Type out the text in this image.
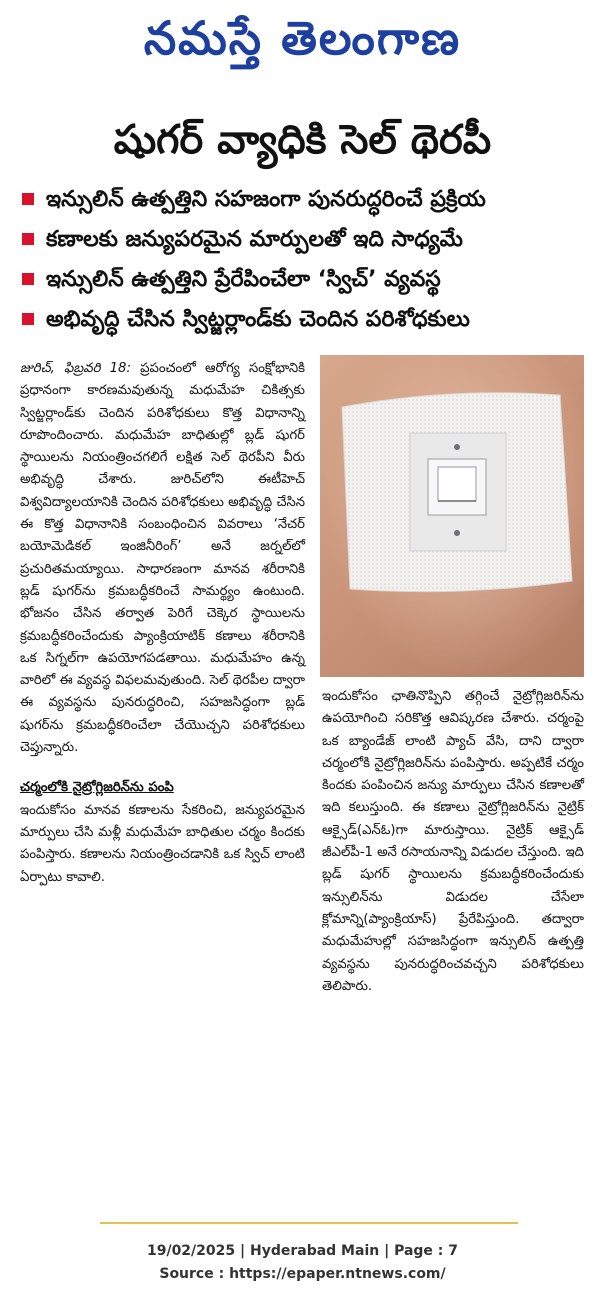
నమస్తే తెలంగాణ
షుగర్ వ్యాధికి సెల్ థెరపీ
ఇన్సులిన్ ఉత్పత్తిని సహజంగా పునరుద్ధరించే ప్రక్రియ
కణాలకు జన్యుపరమైన మార్పులతో ఇది సాధ్యమే
ఇన్సులిన్ ఉత్పత్తిని ప్రేరేపించేలా ‘స్విచ్’ వ్యవస్థ
అభివృద్ధి చేసిన స్విట్జర్లాండ్‌కు చెందిన పరిశోధకులు

జురిచ్, ఫిబ్రవరి 18: ప్రపంచంలో ఆరోగ్య సంక్షోభానికి ప్రధానంగా కారణమవుతున్న మధుమేహ చికిత్సకు స్విట్జర్లాండ్‌కు చెందిన పరిశోధకులు కొత్త విధానాన్ని రూపొందించారు. మధుమేహ బాధితుల్లో బ్లడ్ షుగర్ స్థాయిలను నియంత్రించగలిగే లక్షిత సెల్ థెరపీని వీరు అభివృద్ధి చేశారు. జురిచ్‌లోని ఈటీహెచ్ విశ్వవిద్యాలయానికి చెందిన పరిశోధకులు అభివృద్ధి చేసిన ఈ కొత్త విధానానికి సంబంధించిన వివరాలు ‘నేచర్ బయోమెడికల్ ఇంజినీరింగ్’ అనే జర్నల్‌లో ప్రచురితమయ్యాయి. సాధారణంగా మానవ శరీరానికి బ్లడ్ షుగర్‌ను క్రమబద్ధీకరించే సామర్థ్యం ఉంటుంది. భోజనం చేసిన తర్వాత పెరిగే చెక్కెర స్థాయిలను క్రమబద్ధీకరించేందుకు ప్యాంక్రియాటిక్ కణాలు శరీరానికి ఒక సిగ్నల్‌గా ఉపయోగపడతాయి. మధుమేహం ఉన్న వారిలో ఈ వ్యవస్థ విఫలమవుతుంది. సెల్ థెరపీల ద్వారా ఈ వ్యవస్థను పునరుద్ధరించి, సహజసిద్ధంగా బ్లడ్ షుగర్‌ను క్రమబద్ధీకరించేలా చేయొచ్చని పరిశోధకులు చెప్తున్నారు.

చర్మంలోకి నైట్రోగ్లిజరిన్‌ను పంపి

ఇందుకోసం మానవ కణాలను సేకరించి, జన్యుపరమైన మార్పులు చేసి మళ్లీ మధుమేహ బాధితుల చర్మం కిందకు పంపిస్తారు. కణాలను నియంత్రించడానికి ఒక స్విచ్ లాంటి ఏర్పాటు కావాలి.

ఇందుకోసం ఛాతినొప్పిని తగ్గించే నైట్రోగ్లిజరిన్‌ను ఉపయోగించి సరికొత్త ఆవిష్కరణ చేశారు. చర్మంపై ఒక బ్యాండేజ్ లాంటి ప్యాచ్ వేసి, దాని ద్వారా చర్మంలోకి నైట్రోగ్లిజరిన్‌ను పంపిస్తారు. అప్పటికే చర్మం కిందకు పంపించిన జన్యు మార్పులు చేసిన కణాలతో ఇది కలుస్తుంది. ఈ కణాలు నైట్రోగ్లిజరిన్‌ను నైట్రిక్ ఆక్సైడ్(ఎన్ఓ)గా మారుస్తాయి. నైట్రిక్ ఆక్సైడ్ జీఎల్‌పీ-1 అనే రసాయనాన్ని విడుదల చేస్తుంది. ఇది బ్లడ్ షుగర్ స్థాయిలను క్రమబద్ధీకరించేందుకు ఇన్సులిన్‌ను విడుదల చేసేలా క్లోమాన్ని(ప్యాంక్రియాస్) ప్రేరేపిస్తుంది. తద్వారా మధుమేహుల్లో సహజసిద్ధంగా ఇన్సులిన్ ఉత్పత్తి వ్యవస్థను పునరుద్ధరించవచ్చని పరిశోధకులు తెలిపారు.

19/02/2025 | Hyderabad Main | Page : 7
Source : https://epaper.ntnews.com/
